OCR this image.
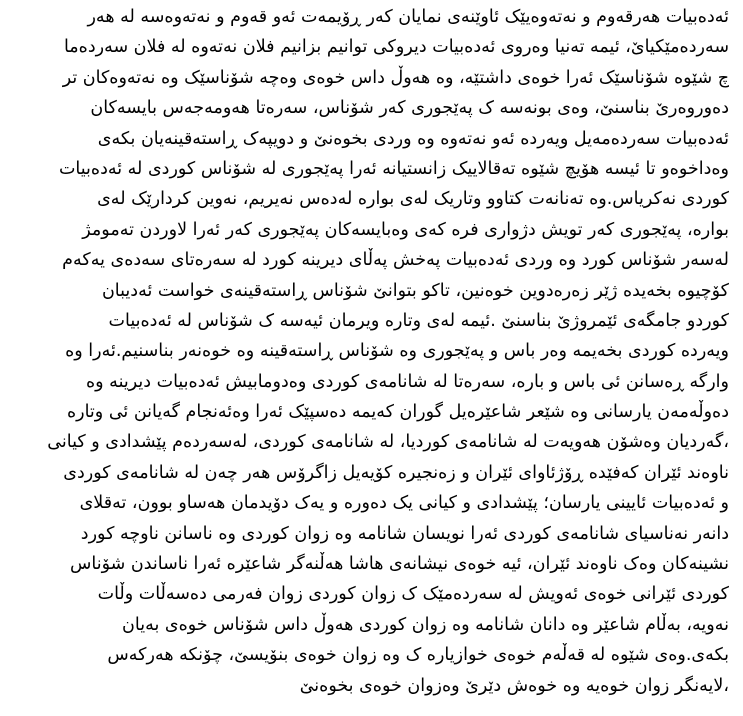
ئەدەبیات هەرقەوم و نەتەوەیێک ئاوێنەی نمایان کەر ڕۆیمەت ئەو قەوم و نەتەوەسە لە هەر
سەردەمێکیاێ، ئیمە تەنیا وەروی ئەدەبیات دیروکی توانیم بزانیم فلان نەتەوە لە فلان سەردەما
چ شێوە شۆناسێک ئەرا خوەی داشتێە، وە هەوڵ داس خوەی وەچە شۆناسێک وە نەتەوەکان تر
دەوروەرێ بناسنێ، وەی بونەسە ک پەێجوری کەر شۆناس، سەرەتا هەومەجەس بایسەکان
ئەدەبیات سەردەمەیل ویەردە ئەو نەتەوە وە وردی بخوەنێ و دویپەک ڕاستەقینەیان بکەی
وەداخوەو تا ئیسە هۆیچ شێوە تەقالاییک زانستیانە ئەرا پەێجوری لە شۆناس کوردی لە ئەدەبیات
کوردی نەکریاس.وە تەنانەت کتاوو وتاریک لەی بوارە لەدەس نەیریم، نەوین کردارێک لەی
بوارە، پەێجوری کەر تویش دژواری فرە کەی وەبایسەکان پەێجوری کەر ئەرا لاوردن تەمومژ
لەسەر شۆناس کورد وە وردی ئەدەبیات پەخش پەڵای دیرینە کورد لە سەرەتای سەدەی یەکەم
کۆچیوە بخەیدە ژێر زەرەدوین خوەنین، تاکو بتوانێ شۆناس ڕاستەقینەی خواست ئەدیبان
کوردو جامگەی ئێمروژێ بناسنێ .ئیمە لەی وتارە ویرمان ئیەسە ک شۆناس لە ئەدەبیات
ویەردە کوردی بخەیمە وەر باس و پەێجوری وە شۆناس ڕاستەقینە وە خوەنەر بناسنیم.ئەرا وە
وارگە ڕەسانن ئی باس و بارە، سەرەتا لە شانامەی کوردی وەدومابیش ئەدەبیات دیرینە وە
دەوڵەمەن یارسانی وە شێعر شاعێرەیل گوران کەیمە دەسپێک ئەرا وەئەنجام گەیانن ئی وتارە
،گەردیان وەشۆن هەویەت لە شانامەی کوردیا، لە شانامەی کوردی، لەسەردەم پێشدادی و کیانی
ناوەند ئێران کەفێدە ڕۆژئاوای ئێران و زەنجیرە کۆیەیل زاگرۆس هەر چەن لە شانامەی کوردی
و ئەدەبیات ئایینی یارسان؛ پێشدادی و کیانی یک دەورە و یەک دۆیدمان هەساو بوون، تەقلای
دانەر نەناسیای شانامەی کوردی ئەرا نویسان شانامە وە زوان کوردی وە ناسانن ناوچە کورد
نشینەکان وەک ناوەند ئێران، ئیە خوەی نیشانەی هاشا هەڵنەگر شاعێرە ئەرا ناساندن شۆناس
کوردی ئێرانی خوەی ئەویش لە سەردەمێک ک زوان کوردی زوان فەرمی دەسەڵات وڵات
نەویە، بەڵام شاعێر وە دانان شانامە وە زوان کوردی هەوڵ داس شۆناس خوەی بەیان
بکەی.وەی شێوە لە قەڵەم خوەی خوازیارە ک وە زوان خوەی بنۆیسێ، چۆنکە هەرکەس
،لایەنگر زوان خوەیە وە خوەش دێرێ وەزوان خوەی بخوەنێ
